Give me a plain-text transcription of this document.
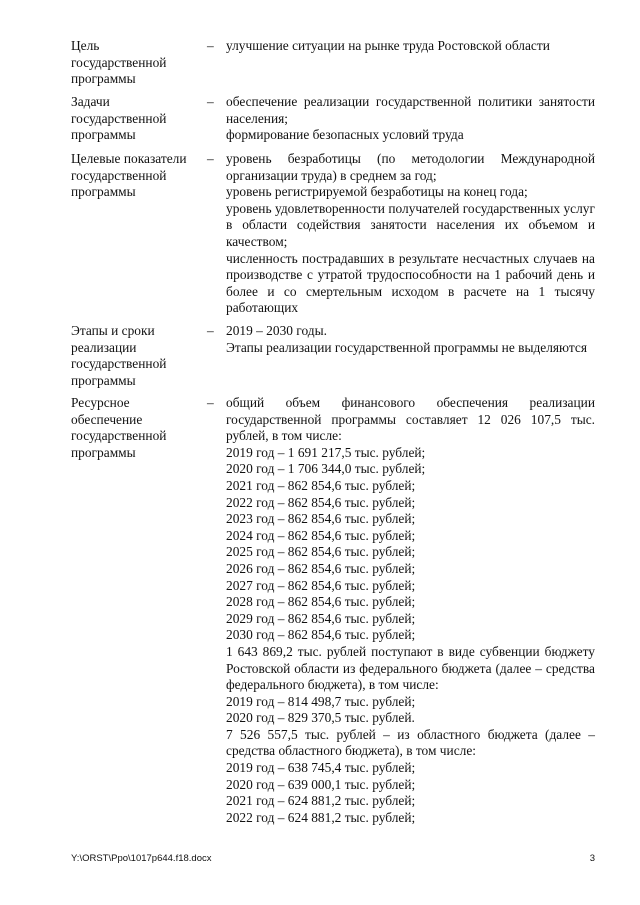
Цель
государственной
программы
– улучшение ситуации на рынке труда Ростовской области

Задачи
государственной
программы
– обеспечение реализации государственной политики занятости населения;

формирование безопасных условий труда

Целевые показатели
государственной
программы
– уровень безработицы (по методологии Международной организации труда) в среднем за год;

уровень регистрируемой безработицы на конец года;

уровень удовлетворенности получателей государственных услуг в области содействия занятости населения их объемом и качеством;

численность пострадавших в результате несчастных случаев на производстве с утратой трудоспособности на 1 рабочий день и более и со смертельным исходом в расчете на 1 тысячу работающих

Этапы и сроки
реализации
государственной
программы
– 2019 – 2030 годы.

Этапы реализации государственной программы не выделяются

Ресурсное
обеспечение
государственной
программы
– общий объем финансового обеспечения реализации государственной программы составляет 12 026 107,5 тыс. рублей, в том числе:

2019 год – 1 691 217,5 тыс. рублей;

2020 год – 1 706 344,0 тыс. рублей;

2021 год – 862 854,6 тыс. рублей;

2022 год – 862 854,6 тыс. рублей;

2023 год – 862 854,6 тыс. рублей;

2024 год – 862 854,6 тыс. рублей;

2025 год – 862 854,6 тыс. рублей;

2026 год – 862 854,6 тыс. рублей;

2027 год – 862 854,6 тыс. рублей;

2028 год – 862 854,6 тыс. рублей;

2029 год – 862 854,6 тыс. рублей;

2030 год – 862 854,6 тыс. рублей;

1 643 869,2 тыс. рублей поступают в виде субвенции бюджету Ростовской области из федерального бюджета (далее – средства федерального бюджета), в том числе:

2019 год – 814 498,7 тыс. рублей;

2020 год – 829 370,5 тыс. рублей.

7 526 557,5 тыс. рублей – из областного бюджета (далее – средства областного бюджета), в том числе:

2019 год – 638 745,4 тыс. рублей;

2020 год – 639 000,1 тыс. рублей;

2021 год – 624 881,2 тыс. рублей;

2022 год – 624 881,2 тыс. рублей;

Y:\ORST\Ppo\1017p644.f18.docx	3
